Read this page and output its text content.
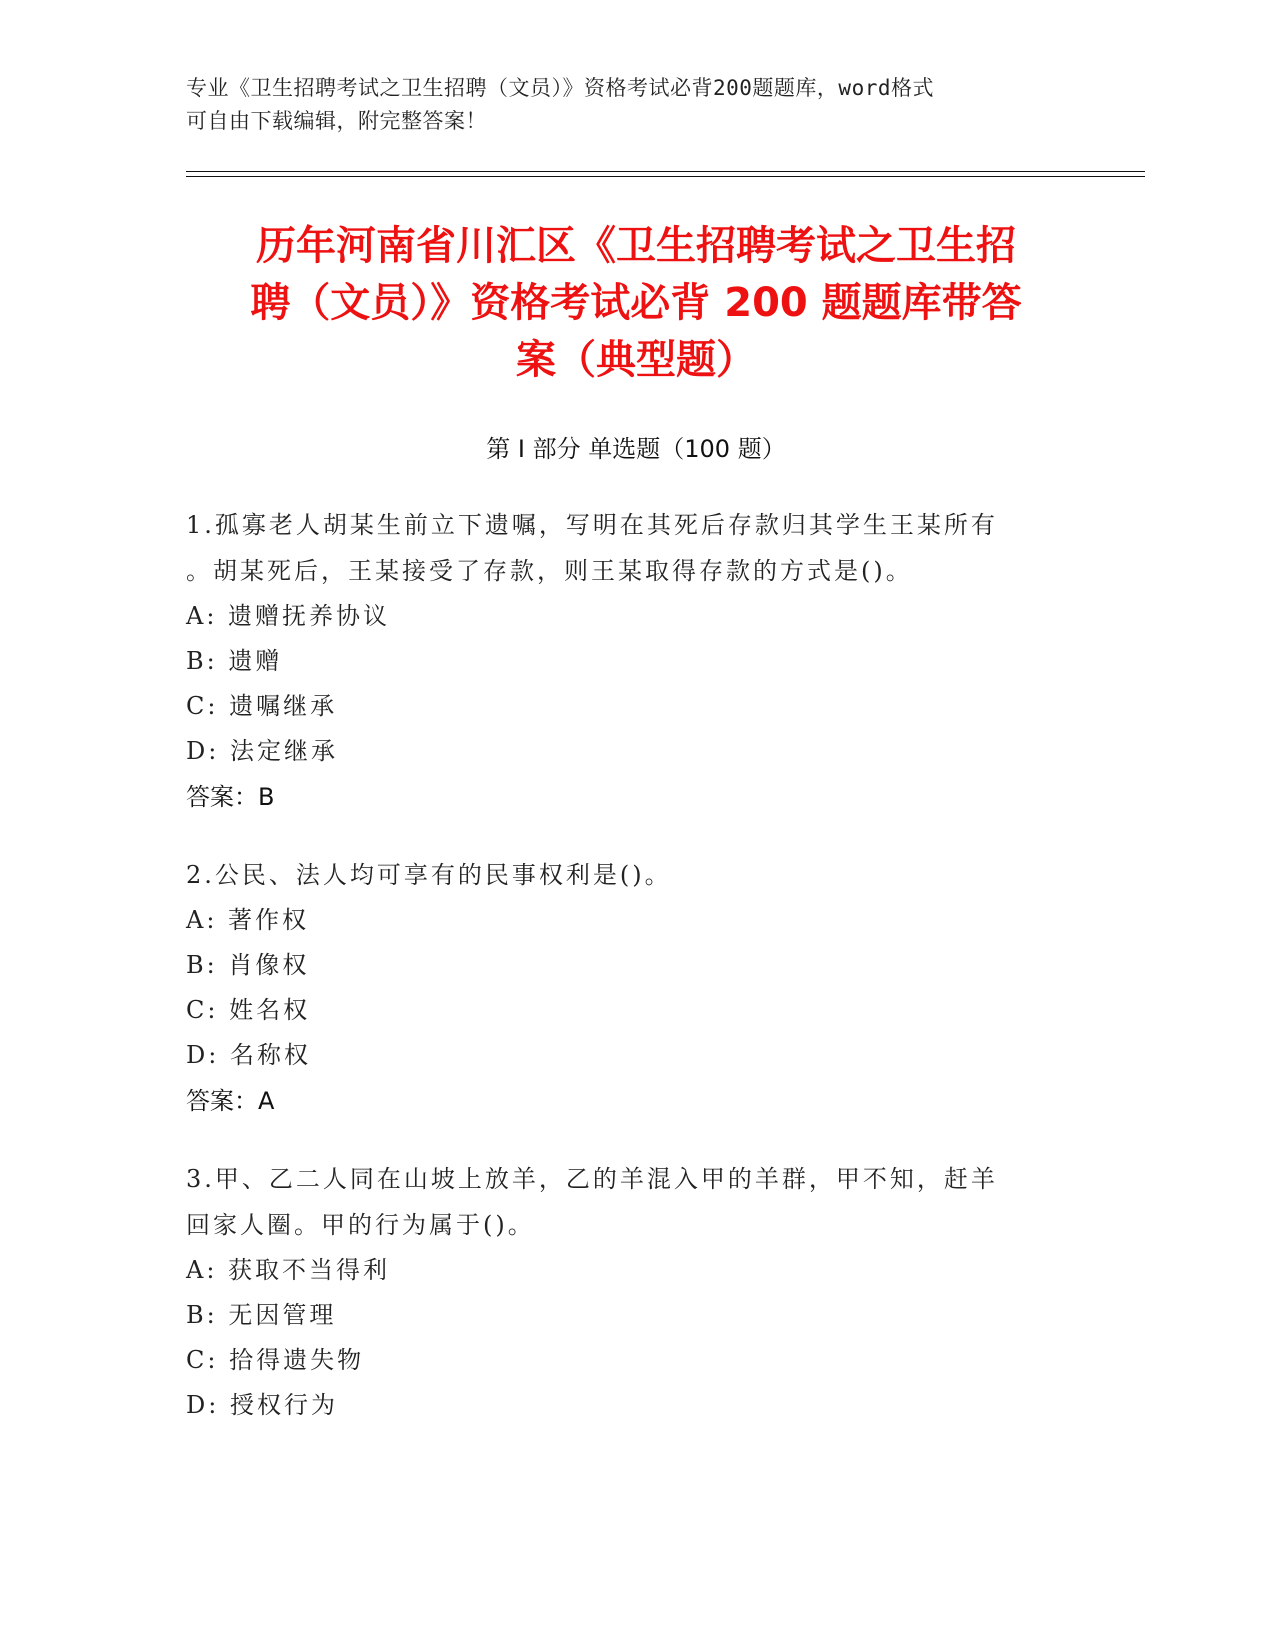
专业《卫生招聘考试之卫生招聘（文员）》资格考试必背200题题库，word格式
可自由下载编辑，附完整答案！
历年河南省川汇区《卫生招聘考试之卫生招
聘（文员）》资格考试必背 200 题题库带答
案（典型题）
第 I 部分 单选题（100 题）
1.孤寡老人胡某生前立下遗嘱，写明在其死后存款归其学生王某所有
。胡某死后，王某接受了存款，则王某取得存款的方式是()。
A: 遗赠抚养协议
B: 遗赠
C: 遗嘱继承
D: 法定继承
答案：B
2.公民、法人均可享有的民事权利是()。
A: 著作权
B: 肖像权
C: 姓名权
D: 名称权
答案：A
3.甲、乙二人同在山坡上放羊，乙的羊混入甲的羊群，甲不知，赶羊
回家人圈。甲的行为属于()。
A: 获取不当得利
B: 无因管理
C: 拾得遗失物
D: 授权行为
